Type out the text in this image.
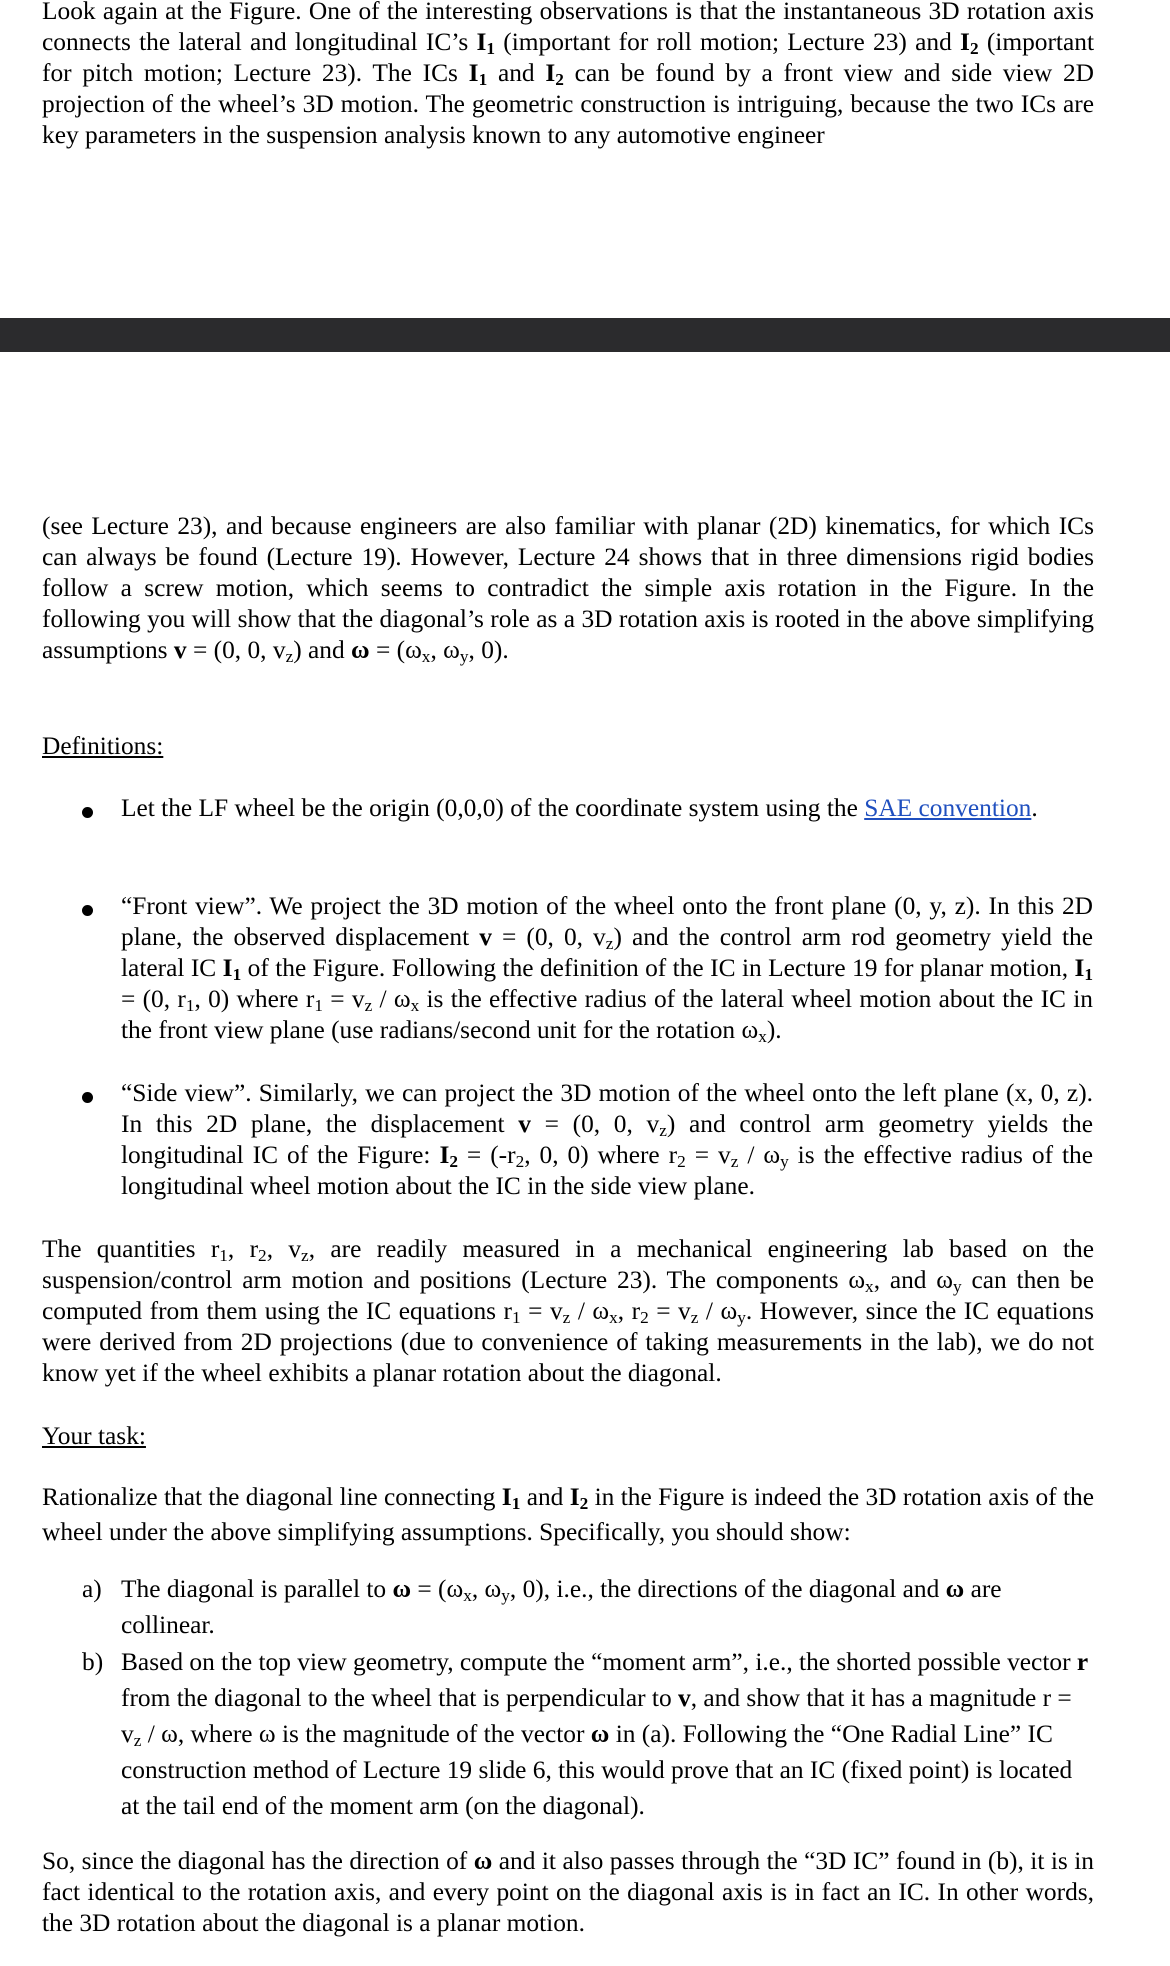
Look again at the Figure. One of the interesting observations is that the instantaneous 3D rotation axis connects the lateral and longitudinal IC’s $I_1$ (important for roll motion; Lecture 23) and $I_2$ (important for pitch motion; Lecture 23). The ICs $I_1$ and $I_2$ can be found by a front view and side view 2D projection of the wheel’s 3D motion. The geometric construction is intriguing, because the two ICs are key parameters in the suspension analysis known to any automotive engineer

(see Lecture 23), and because engineers are also familiar with planar (2D) kinematics, for which ICs can always be found (Lecture 19). However, Lecture 24 shows that in three dimensions rigid bodies follow a screw motion, which seems to contradict the simple axis rotation in the Figure. In the following you will show that the diagonal’s role as a 3D rotation axis is rooted in the above simplifying assumptions v = (0, 0, $v_z$) and $\omega = (\omega_x$, $\omega_y$, 0).

Definitions:

Let the LF wheel be the origin (0,0,0) of the coordinate system using the SAE convention.

“Front view”. We project the 3D motion of the wheel onto the front plane (0, y, z). In this 2D plane, the observed displacement v = (0, 0, $v_z$) and the control arm rod geometry yield the lateral IC $I_1$ of the Figure. Following the definition of the IC in Lecture 19 for planar motion, $I_1 = (0$, $r_1$, 0) where $r_1 = v_z / \omega_x$ is the effective radius of the lateral wheel motion about the IC in the front view plane (use radians/second unit for the rotation $\omega_x$).

“Side view”. Similarly, we can project the 3D motion of the wheel onto the left plane (x, 0, z). In this 2D plane, the displacement v = (0, 0, $v_z$) and control arm geometry yields the longitudinal IC of the Figure: $I_2 = (-r_2$, 0, 0) where $r_2 = v_z / \omega_y$ is the effective radius of the longitudinal wheel motion about the IC in the side view plane.

The quantities $r_1$, $r_2$, $v_z$, are readily measured in a mechanical engineering lab based on the suspension/control arm motion and positions (Lecture 23). The components $\omega_x$, and $\omega_y$ can then be computed from them using the IC equations $r_1 = v_z / \omega_x$, $r_2 = v_z / \omega_y$. However, since the IC equations were derived from 2D projections (due to convenience of taking measurements in the lab), we do not know yet if the wheel exhibits a planar rotation about the diagonal.

Your task:

Rationalize that the diagonal line connecting $I_1$ and $I_2$ in the Figure is indeed the 3D rotation axis of the wheel under the above simplifying assumptions. Specifically, you should show:

a) The diagonal is parallel to $\omega = (\omega_x$, $\omega_y$, 0), i.e., the directions of the diagonal and ω are collinear.

b) Based on the top view geometry, compute the “moment arm”, i.e., the shorted possible vector r from the diagonal to the wheel that is perpendicular to v, and show that it has a magnitude $r = v_z / \omega$, where ω is the magnitude of the vector ω in (a). Following the “One Radial Line” IC construction method of Lecture 19 slide 6, this would prove that an IC (fixed point) is located at the tail end of the moment arm (on the diagonal).

So, since the diagonal has the direction of ω and it also passes through the “3D IC” found in (b), it is in fact identical to the rotation axis, and every point on the diagonal axis is in fact an IC. In other words, the 3D rotation about the diagonal is a planar motion.
